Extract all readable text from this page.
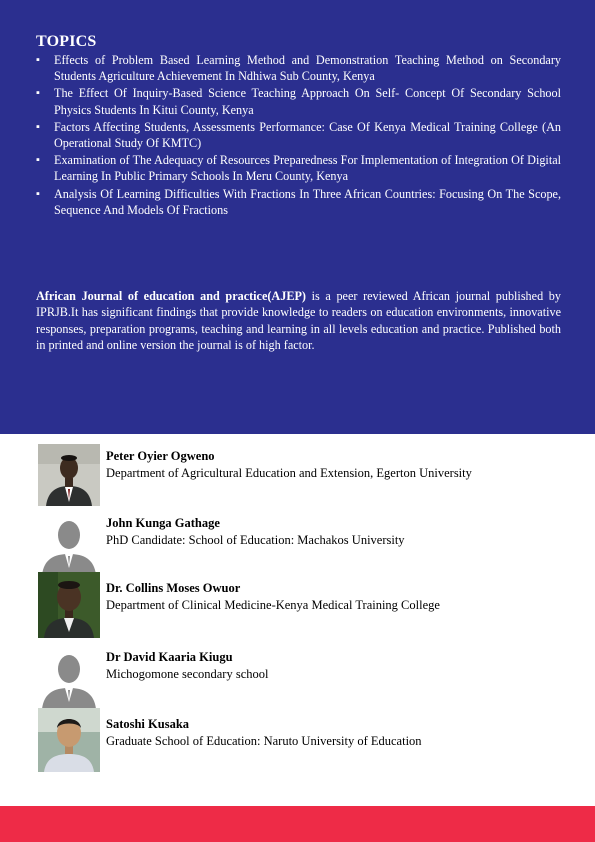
TOPICS
▪ Effects of Problem Based Learning Method and Demonstration Teaching Method on Secondary Students Agriculture Achievement In Ndhiwa Sub County, Kenya
▪ The Effect Of Inquiry-Based Science Teaching Approach On Self- Concept Of Secondary School Physics Students In Kitui County, Kenya
▪ Factors Affecting Students, Assessments Performance: Case Of Kenya Medical Training College (An Operational Study Of KMTC)
▪ Examination of The Adequacy of Resources Preparedness For Implementation of Integration Of Digital Learning In Public Primary Schools In Meru County, Kenya
▪ Analysis Of Learning Difficulties With Fractions In Three African Countries: Focusing On The Scope, Sequence And Models Of Fractions

African Journal of education and practice(AJEP) is a peer reviewed African journal published by IPRJB.It has significant findings that provide knowledge to readers on education environments, innovative responses, preparation programs, teaching and learning in all levels education and practice. Published both in printed and online version the journal is of high factor.

Peter Oyier Ogweno
Department of Agricultural Education and Extension, Egerton University
John Kunga Gathage
PhD Candidate: School of Education: Machakos University
Dr. Collins Moses Owuor
Department of Clinical Medicine-Kenya Medical Training College
Dr David Kaaria Kiugu
Michogomone secondary school
Satoshi Kusaka
Graduate School of Education: Naruto University of Education
